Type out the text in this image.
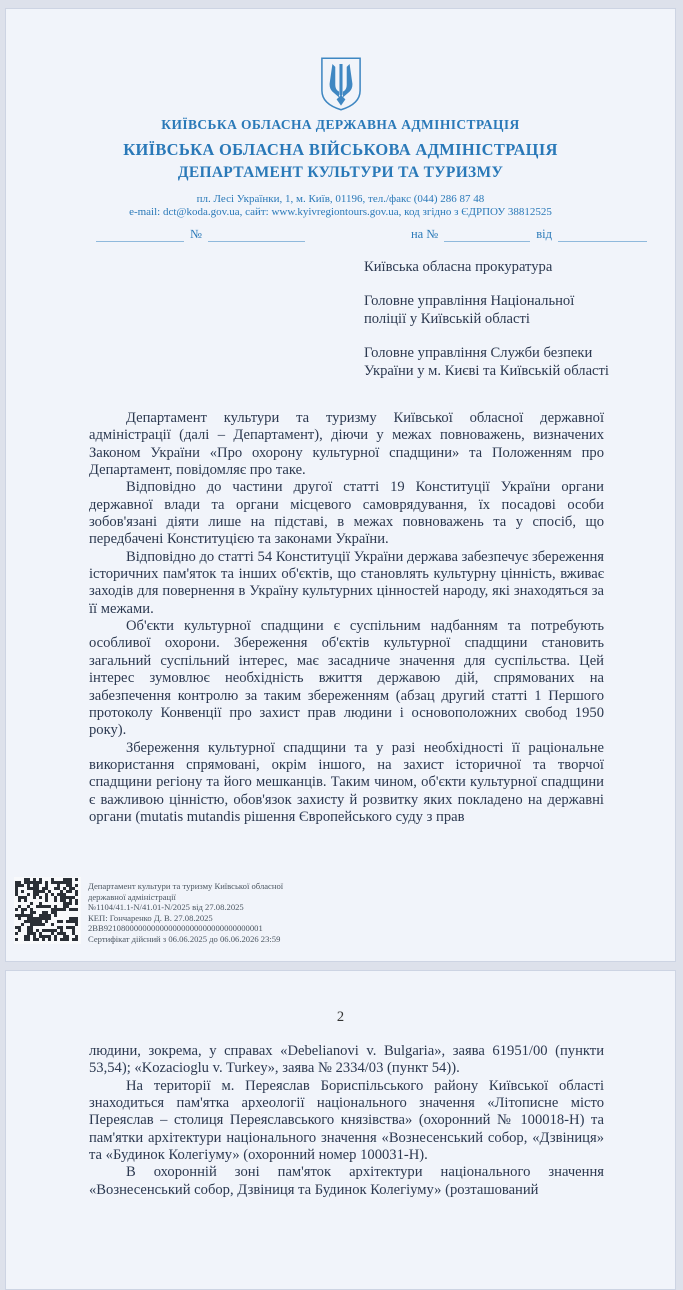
КИЇВСЬКА ОБЛАСНА ДЕРЖАВНА АДМІНІСТРАЦІЯ
КИЇВСЬКА ОБЛАСНА ВІЙСЬКОВА АДМІНІСТРАЦІЯ
ДЕПАРТАМЕНТ КУЛЬТУРИ ТА ТУРИЗМУ
пл. Лесі Українки, 1, м. Київ, 01196, тел./факс (044) 286 87 48
e-mail: dct@koda.gov.ua, сайт: www.kyivregiontours.gov.ua, код згідно з ЄДРПОУ 38812525
№	на №	від
Київська обласна прокуратура
Головне управління Національної поліції у Київській області
Головне управління Служби безпеки України у м. Києві та Київській області

Департамент культури та туризму Київської обласної державної адміністрації (далі – Департамент), діючи у межах повноважень, визначених Законом України «Про охорону культурної спадщини» та Положенням про Департамент, повідомляє про таке.

Відповідно до частини другої статті 19 Конституції України органи державної влади та органи місцевого самоврядування, їх посадові особи зобов'язані діяти лише на підставі, в межах повноважень та у спосіб, що передбачені Конституцією та законами України.

Відповідно до статті 54 Конституції України держава забезпечує збереження історичних пам'яток та інших об'єктів, що становлять культурну цінність, вживає заходів для повернення в Україну культурних цінностей народу, які знаходяться за її межами.

Об'єкти культурної спадщини є суспільним надбанням та потребують особливої охорони. Збереження об'єктів культурної спадщини становить загальний суспільний інтерес, має засадниче значення для суспільства. Цей інтерес зумовлює необхідність вжиття державою дій, спрямованих на забезпечення контролю за таким збереженням (абзац другий статті 1 Першого протоколу Конвенції про захист прав людини і основоположних свобод 1950 року).

Збереження культурної спадщини та у разі необхідності її раціональне використання спрямовані, окрім іншого, на захист історичної та творчої спадщини регіону та його мешканців. Таким чином, об'єкти культурної спадщини є важливою цінністю, обов'язок захисту й розвитку яких покладено на державні органи (mutatis mutandis рішення Європейського суду з прав

Департамент культури та туризму Київської обласної державної адміністрації
№1104/41.1-N/41.01-N/2025 від 27.08.2025
КЕП: Гончаренко Д. В. 27.08.2025
2BB9210800000000000000000000000000000001
Сертифікат дійсний з 06.06.2025 до 06.06.2026 23:59
2

людини, зокрема, у справах «Debelianovi v. Bulgaria», заява 61951/00 (пункти 53,54); «Kozacioglu v. Turkey», заява № 2334/03 (пункт 54)).

На території м. Переяслав Бориспільського району Київської області знаходиться пам'ятка археології національного значення «Літописне місто Переяслав – столиця Переяславського князівства» (охоронний № 100018-Н) та пам'ятки архітектури національного значення «Вознесенський собор, «Дзвіниця» та «Будинок Колегіуму» (охоронний номер 100031-Н).

В охоронній зоні пам'яток архітектури національного значення «Вознесенський собор, Дзвіниця та Будинок Колегіуму» (розташований
